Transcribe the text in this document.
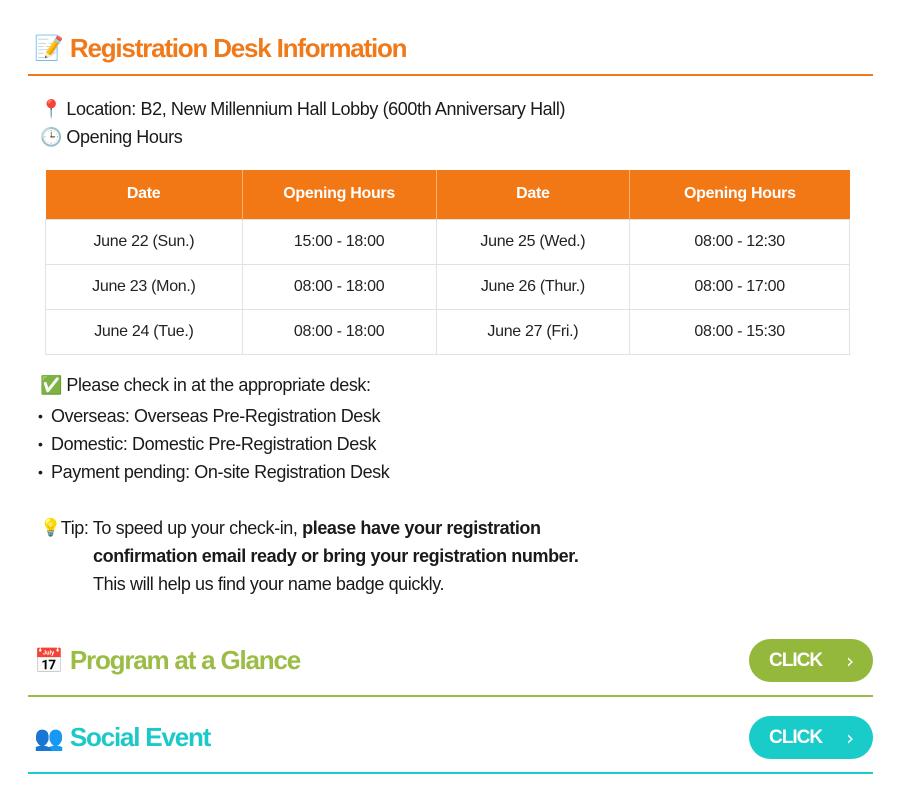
📝 Registration Desk Information
📍 Location: B2, New Millennium Hall Lobby (600th Anniversary Hall)
🕒 Opening Hours
Date	Opening Hours	Date	Opening Hours
June 22 (Sun.)	15:00 - 18:00	June 25 (Wed.)	08:00 - 12:30
June 23 (Mon.)	08:00 - 18:00	June 26 (Thur.)	08:00 - 17:00
June 24 (Tue.)	08:00 - 18:00	June 27 (Fri.)	08:00 - 15:30
✅ Please check in at the appropriate desk:
• Overseas: Overseas Pre-Registration Desk
• Domestic: Domestic Pre-Registration Desk
• Payment pending: On-site Registration Desk
💡 Tip: To speed up your check-in, please have your registration
confirmation email ready or bring your registration number.
This will help us find your name badge quickly.
📅 Program at a Glance	CLICK ›
👥 Social Event	CLICK ›
